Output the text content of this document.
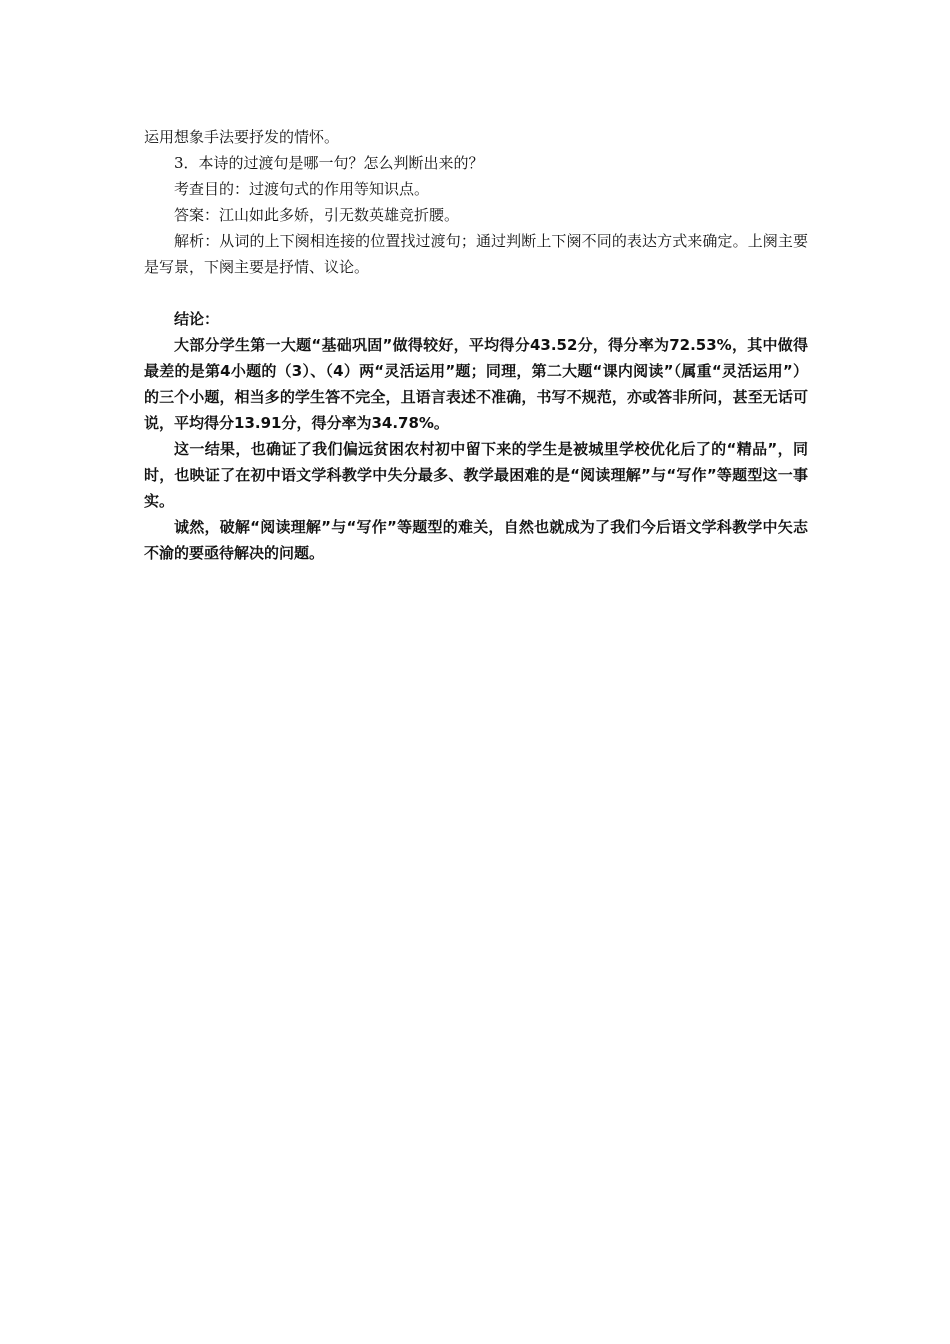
运用想象手法要抒发的情怀。
3．本诗的过渡句是哪一句？怎么判断出来的？
考查目的：过渡句式的作用等知识点。
答案：江山如此多娇，引无数英雄竞折腰。

解析：从词的上下阕相连接的位置找过渡句；通过判断上下阕不同的表达方式来确定。上阕主要是写景，下阕主要是抒情、议论。

结论：

大部分学生第一大题“基础巩固”做得较好，平均得分43.52分，得分率为72.53%，其中做得最差的是第4小题的（3）、（4）两“灵活运用”题；同理，第二大题“课内阅读”（属重“灵活运用”）的三个小题，相当多的学生答不完全，且语言表述不准确，书写不规范，亦或答非所问，甚至无话可说，平均得分13.91分，得分率为34.78%。

这一结果，也确证了我们偏远贫困农村初中留下来的学生是被城里学校优化后了的“精品”，同时，也映证了在初中语文学科教学中失分最多、教学最困难的是“阅读理解”与“写作”等题型这一事实。

诚然，破解“阅读理解”与“写作”等题型的难关，自然也就成为了我们今后语文学科教学中矢志不渝的要亟待解决的问题。
